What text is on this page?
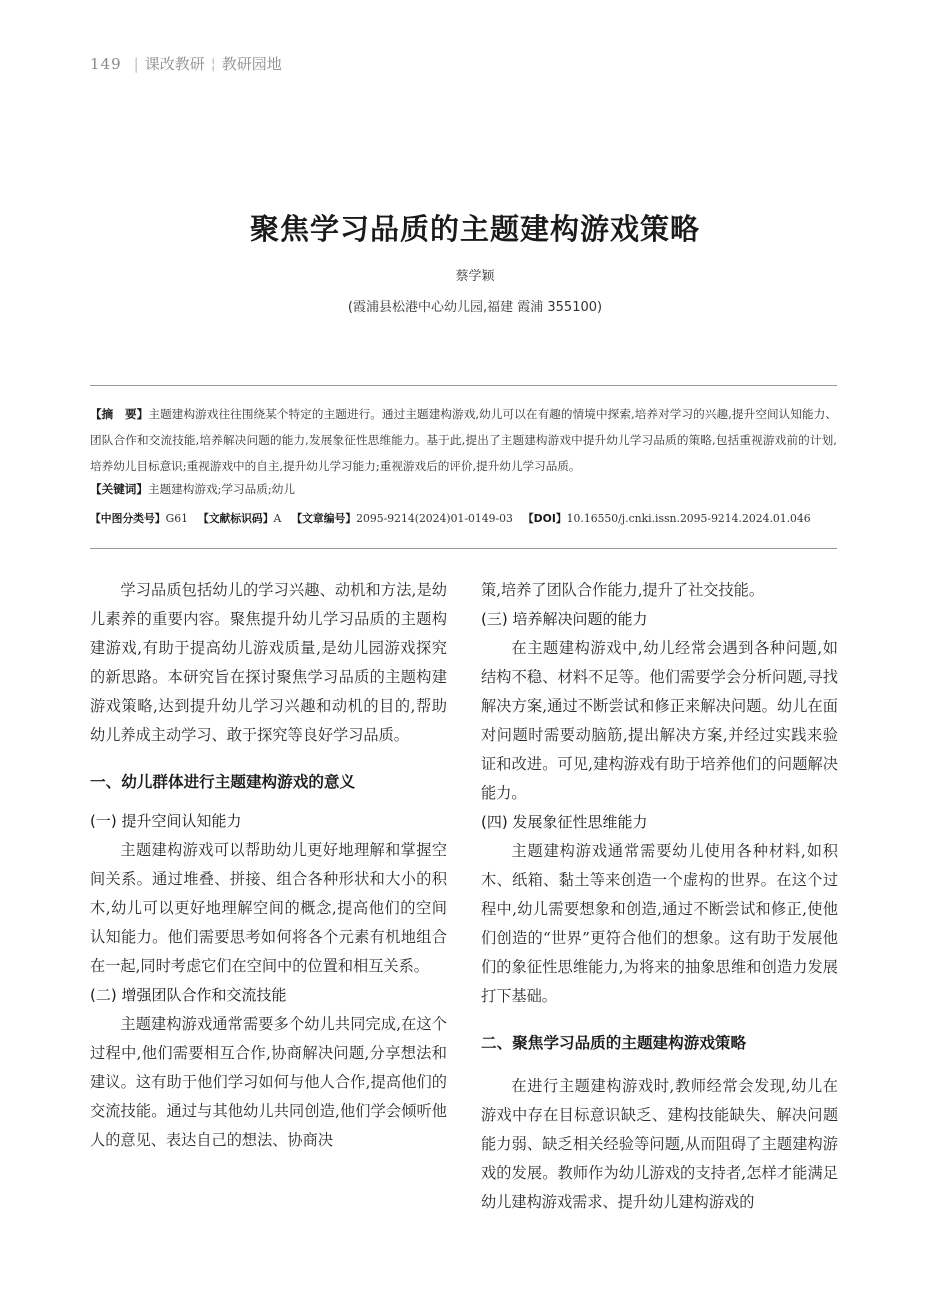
149 | 课改教研 ¦ 教研园地
聚焦学习品质的主题建构游戏策略
蔡学颖
(霞浦县松港中心幼儿园,福建 霞浦 355100)
【摘　要】主题建构游戏往往围绕某个特定的主题进行。通过主题建构游戏,幼儿可以在有趣的情境中探索,培养对学习的兴趣,提升空间认知能力、团队合作和交流技能,培养解决问题的能力,发展象征性思维能力。基于此,提出了主题建构游戏中提升幼儿学习品质的策略,包括重视游戏前的计划,培养幼儿目标意识;重视游戏中的自主,提升幼儿学习能力;重视游戏后的评价,提升幼儿学习品质。
【关键词】主题建构游戏;学习品质;幼儿
【中图分类号】G61 【文献标识码】A 【文章编号】2095-9214(2024)01-0149-03 【DOI】10.16550/j.cnki.issn.2095-9214.2024.01.046

学习品质包括幼儿的学习兴趣、动机和方法,是幼儿素养的重要内容。聚焦提升幼儿学习品质的主题构建游戏,有助于提高幼儿游戏质量,是幼儿园游戏探究的新思路。本研究旨在探讨聚焦学习品质的主题构建游戏策略,达到提升幼儿学习兴趣和动机的目的,帮助幼儿养成主动学习、敢于探究等良好学习品质。

一、幼儿群体进行主题建构游戏的意义
(一) 提升空间认知能力

主题建构游戏可以帮助幼儿更好地理解和掌握空间关系。通过堆叠、拼接、组合各种形状和大小的积木,幼儿可以更好地理解空间的概念,提高他们的空间认知能力。他们需要思考如何将各个元素有机地组合在一起,同时考虑它们在空间中的位置和相互关系。

(二) 增强团队合作和交流技能

主题建构游戏通常需要多个幼儿共同完成,在这个过程中,他们需要相互合作,协商解决问题,分享想法和建议。这有助于他们学习如何与他人合作,提高他们的交流技能。通过与其他幼儿共同创造,他们学会倾听他人的意见、表达自己的想法、协商决

策,培养了团队合作能力,提升了社交技能。

(三) 培养解决问题的能力

在主题建构游戏中,幼儿经常会遇到各种问题,如结构不稳、材料不足等。他们需要学会分析问题,寻找解决方案,通过不断尝试和修正来解决问题。幼儿在面对问题时需要动脑筋,提出解决方案,并经过实践来验证和改进。可见,建构游戏有助于培养他们的问题解决能力。

(四) 发展象征性思维能力

主题建构游戏通常需要幼儿使用各种材料,如积木、纸箱、黏土等来创造一个虚构的世界。在这个过程中,幼儿需要想象和创造,通过不断尝试和修正,使他们创造的“世界”更符合他们的想象。这有助于发展他们的象征性思维能力,为将来的抽象思维和创造力发展打下基础。

二、聚焦学习品质的主题建构游戏策略

在进行主题建构游戏时,教师经常会发现,幼儿在游戏中存在目标意识缺乏、建构技能缺失、解决问题能力弱、缺乏相关经验等问题,从而阻碍了主题建构游戏的发展。教师作为幼儿游戏的支持者,怎样才能满足幼儿建构游戏需求、提升幼儿建构游戏的
